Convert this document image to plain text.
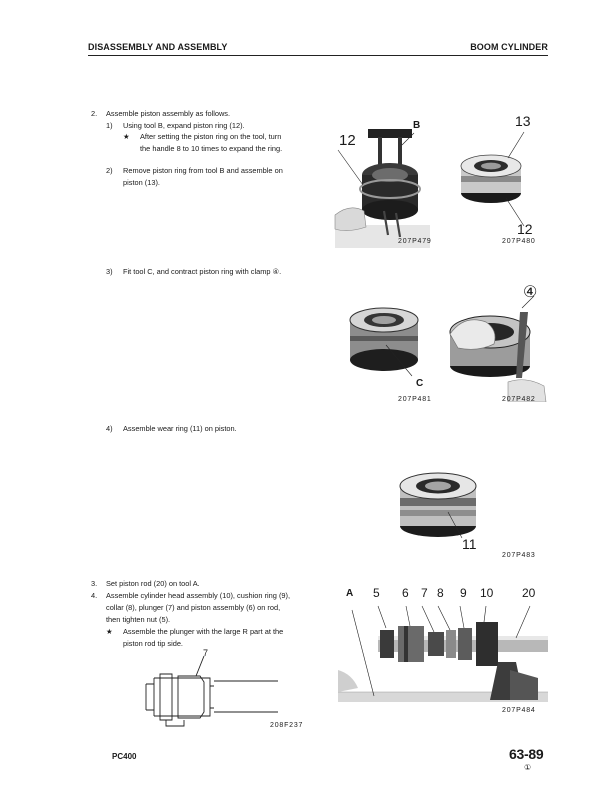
DISASSEMBLY AND ASSEMBLY	BOOM CYLINDER
2. Assemble piston assembly as follows.
1) Using tool B, expand piston ring (12).
★ After setting the piston ring on the tool, turn
the handle 8 to 10 times to expand the ring.
2) Remove piston ring from tool B and assemble on
piston (13).
3) Fit tool C, and contract piston ring with clamp ④.
4) Assemble wear ring (11) on piston.
3. Set piston rod (20) on tool A.
4. Assemble cylinder head assembly (10), cushion ring (9),
collar (8), plunger (7) and piston assembly (6) on rod,
then tighten nut (5).
★ Assemble the plunger with the large R part at the
piston rod tip side.
12
B
207P479
13
12
207P480
C
207P481
④
207P482
11
207P483
A 5 6 7 8 9 10 20
207P484
7
208F237
PC400	63-89
①
